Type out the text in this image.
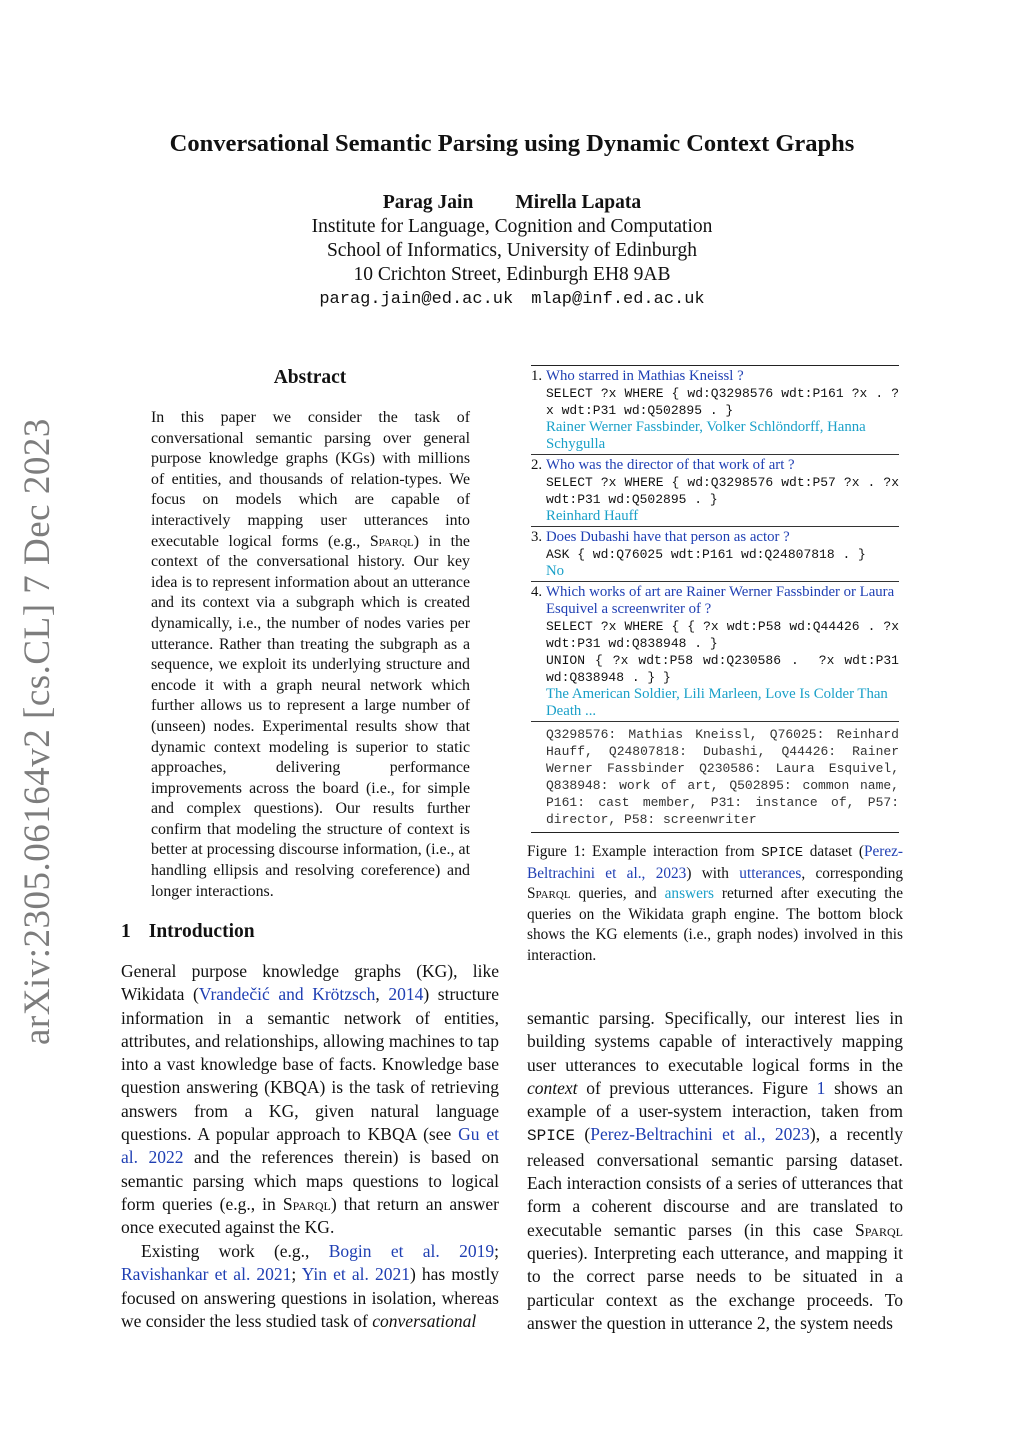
arXiv:2305.06164v2 [cs.CL] 7 Dec 2023
Conversational Semantic Parsing using Dynamic Context Graphs
Parag Jain Mirella Lapata
Institute for Language, Cognition and Computation
School of Informatics, University of Edinburgh
10 Crichton Street, Edinburgh EH8 9AB
parag.jain@ed.ac.uk mlap@inf.ed.ac.uk
Abstract
In this paper we consider the task of conversational semantic parsing over general purpose knowledge graphs (KGs) with millions of entities, and thousands of relation-types. We focus on models which are capable of interactively mapping user utterances into executable logical forms (e.g., Sparql) in the context of the conversational history. Our key idea is to represent information about an utterance and its context via a subgraph which is created dynamically, i.e., the number of nodes varies per utterance. Rather than treating the subgraph as a sequence, we exploit its underlying structure and encode it with a graph neural network which further allows us to represent a large number of (unseen) nodes. Experimental results show that dynamic context modeling is superior to static approaches, delivering performance improvements across the board (i.e., for simple and complex questions). Our results further confirm that modeling the structure of context is better at processing discourse information, (i.e., at handling ellipsis and resolving coreference) and longer interactions.
1 Introduction
General purpose knowledge graphs (KG), like Wikidata (Vrandečić and Krötzsch, 2014) structure information in a semantic network of entities, attributes, and relationships, allowing machines to tap into a vast knowledge base of facts. Knowledge base question answering (KBQA) is the task of retrieving answers from a KG, given natural language questions. A popular approach to KBQA (see Gu et al. 2022 and the references therein) is based on semantic parsing which maps questions to logical form queries (e.g., in Sparql) that return an answer once executed against the KG.
Existing work (e.g., Bogin et al. 2019; Ravishankar et al. 2021; Yin et al. 2021) has mostly focused on answering questions in isolation, whereas we consider the less studied task of conversational
1. Who starred in Mathias Kneissl ?
SELECT ?x WHERE { wd:Q3298576 wdt:P161 ?x . ?x wdt:P31 wd:Q502895 . }
Rainer Werner Fassbinder, Volker Schlöndorff, Hanna Schygulla
2. Who was the director of that work of art ?
SELECT ?x WHERE { wd:Q3298576 wdt:P57 ?x . ?x wdt:P31 wd:Q502895 . }
Reinhard Hauff
3. Does Dubashi have that person as actor ?
ASK { wd:Q76025 wdt:P161 wd:Q24807818 . }
No
4. Which works of art are Rainer Werner Fassbinder or Laura Esquivel a screenwriter of ?
SELECT ?x WHERE { { ?x wdt:P58 wd:Q44426 . ?x wdt:P31 wd:Q838948 . }
UNION { ?x wdt:P58 wd:Q230586 .  ?x wdt:P31 wd:Q838948 . } }
The American Soldier, Lili Marleen, Love Is Colder Than Death ...
Q3298576: Mathias Kneissl, Q76025: Reinhard Hauff, Q24807818: Dubashi, Q44426: Rainer Werner Fassbinder Q230586: Laura Esquivel, Q838948: work of art, Q502895: common name, P161: cast member, P31: instance of, P57: director, P58: screenwriter
Figure 1: Example interaction from SPICE dataset (Perez-Beltrachini et al., 2023) with utterances, corresponding Sparql queries, and answers returned after executing the queries on the Wikidata graph engine. The bottom block shows the KG elements (i.e., graph nodes) involved in this interaction.
semantic parsing. Specifically, our interest lies in building systems capable of interactively mapping user utterances to executable logical forms in the context of previous utterances. Figure 1 shows an example of a user-system interaction, taken from SPICE (Perez-Beltrachini et al., 2023), a recently released conversational semantic parsing dataset. Each interaction consists of a series of utterances that form a coherent discourse and are translated to executable semantic parses (in this case Sparql queries). Interpreting each utterance, and mapping it to the correct parse needs to be situated in a particular context as the exchange proceeds. To answer the question in utterance 2, the system needs
